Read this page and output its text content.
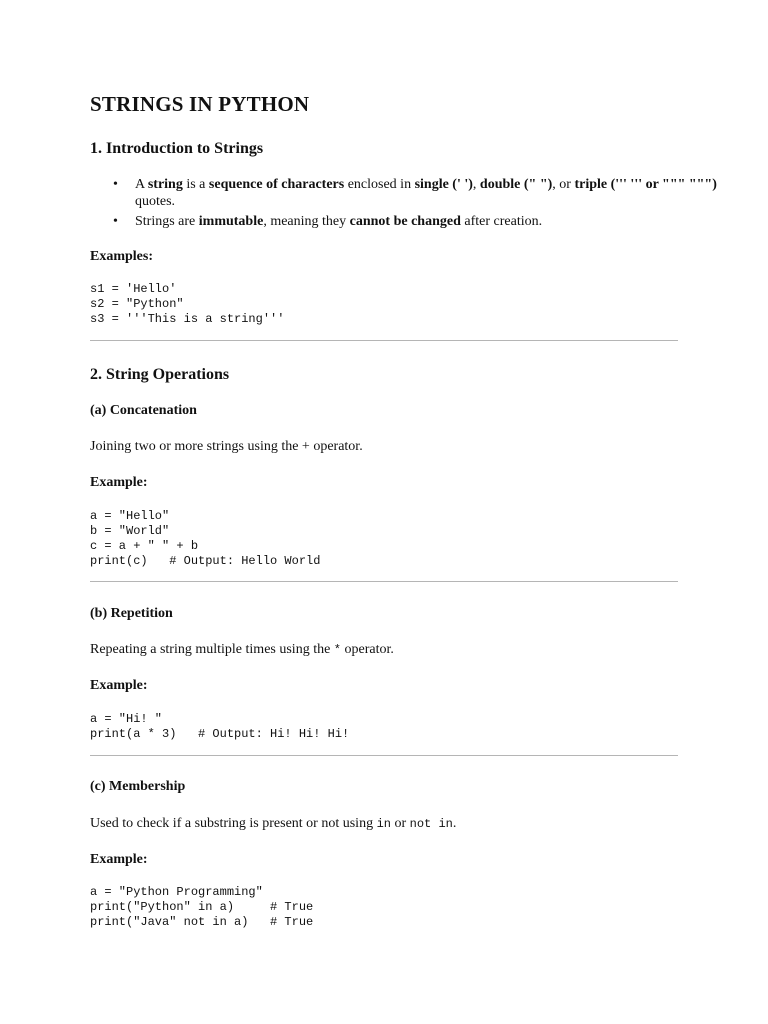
STRINGS IN PYTHON
1. Introduction to Strings
• A string is a sequence of characters enclosed in single (' '), double (" "), or triple (''' ''' or """ """) quotes.
• Strings are immutable, meaning they cannot be changed after creation.

Examples:

s1 = 'Hello'
s2 = "Python"
s3 = '''This is a string'''
2. String Operations
(a) Concatenation

Joining two or more strings using the + operator.

Example:

a = "Hello"
b = "World"
c = a + " " + b
print(c)   # Output: Hello World
(b) Repetition

Repeating a string multiple times using the * operator.

Example:

a = "Hi! "
print(a * 3)   # Output: Hi! Hi! Hi!
(c) Membership

Used to check if a substring is present or not using in or not in.

Example:

a = "Python Programming"
print("Python" in a)     # True
print("Java" not in a)   # True
